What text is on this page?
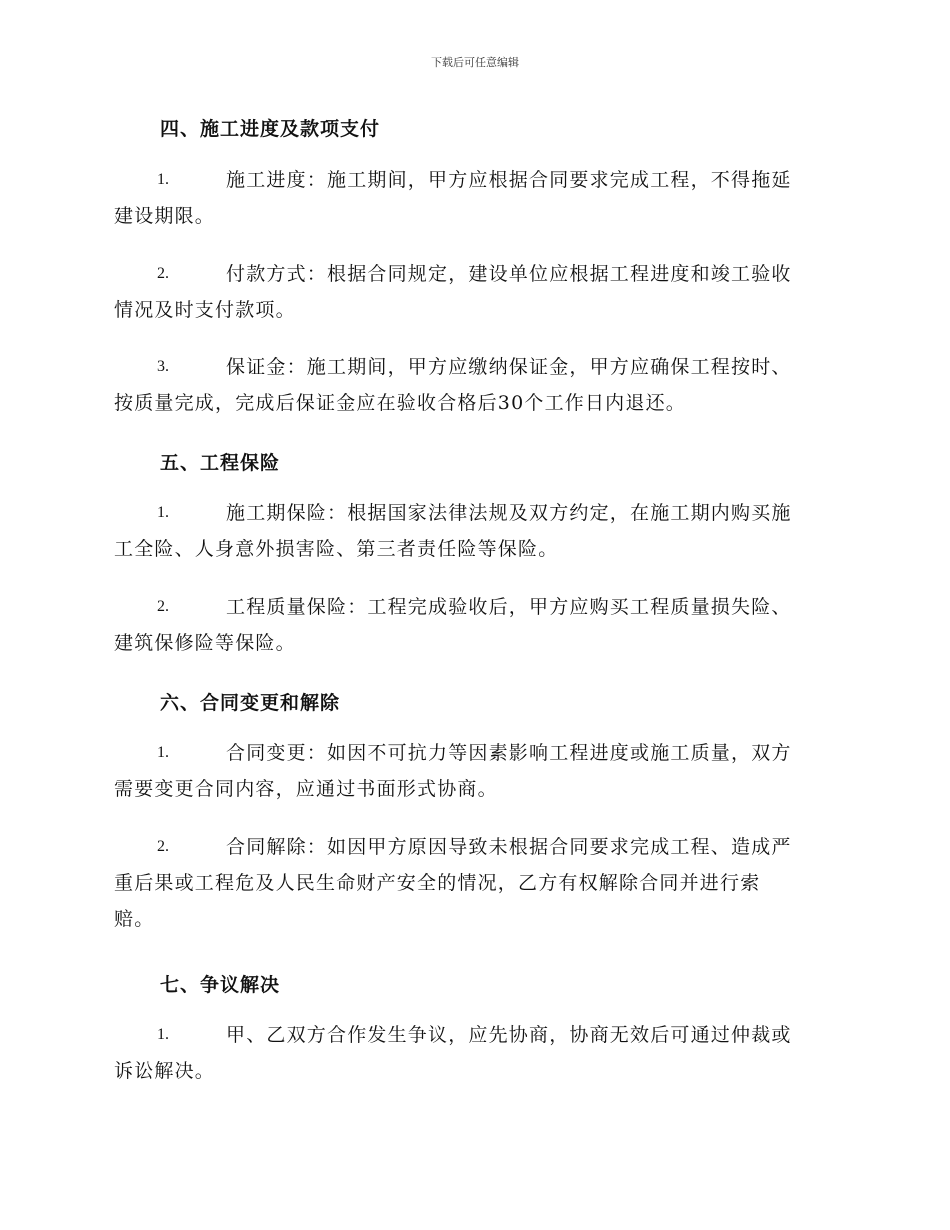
下载后可任意编辑
四、施工进度及款项支付
1.	施工进度：施工期间，甲方应根据合同要求完成工程，不得拖延
建设期限。
2.	付款方式：根据合同规定，建设单位应根据工程进度和竣工验收
情况及时支付款项。
3.	保证金：施工期间，甲方应缴纳保证金，甲方应确保工程按时、
按质量完成，完成后保证金应在验收合格后30个工作日内退还。
五、工程保险
1.	施工期保险：根据国家法律法规及双方约定，在施工期内购买施
工全险、人身意外损害险、第三者责任险等保险。
2.	工程质量保险：工程完成验收后，甲方应购买工程质量损失险、
建筑保修险等保险。
六、合同变更和解除
1.	合同变更：如因不可抗力等因素影响工程进度或施工质量，双方
需要变更合同内容，应通过书面形式协商。
2.	合同解除：如因甲方原因导致未根据合同要求完成工程、造成严
重后果或工程危及人民生命财产安全的情况，乙方有权解除合同并进行索
赔。
七、争议解决
1.	甲、乙双方合作发生争议，应先协商，协商无效后可通过仲裁或
诉讼解决。
